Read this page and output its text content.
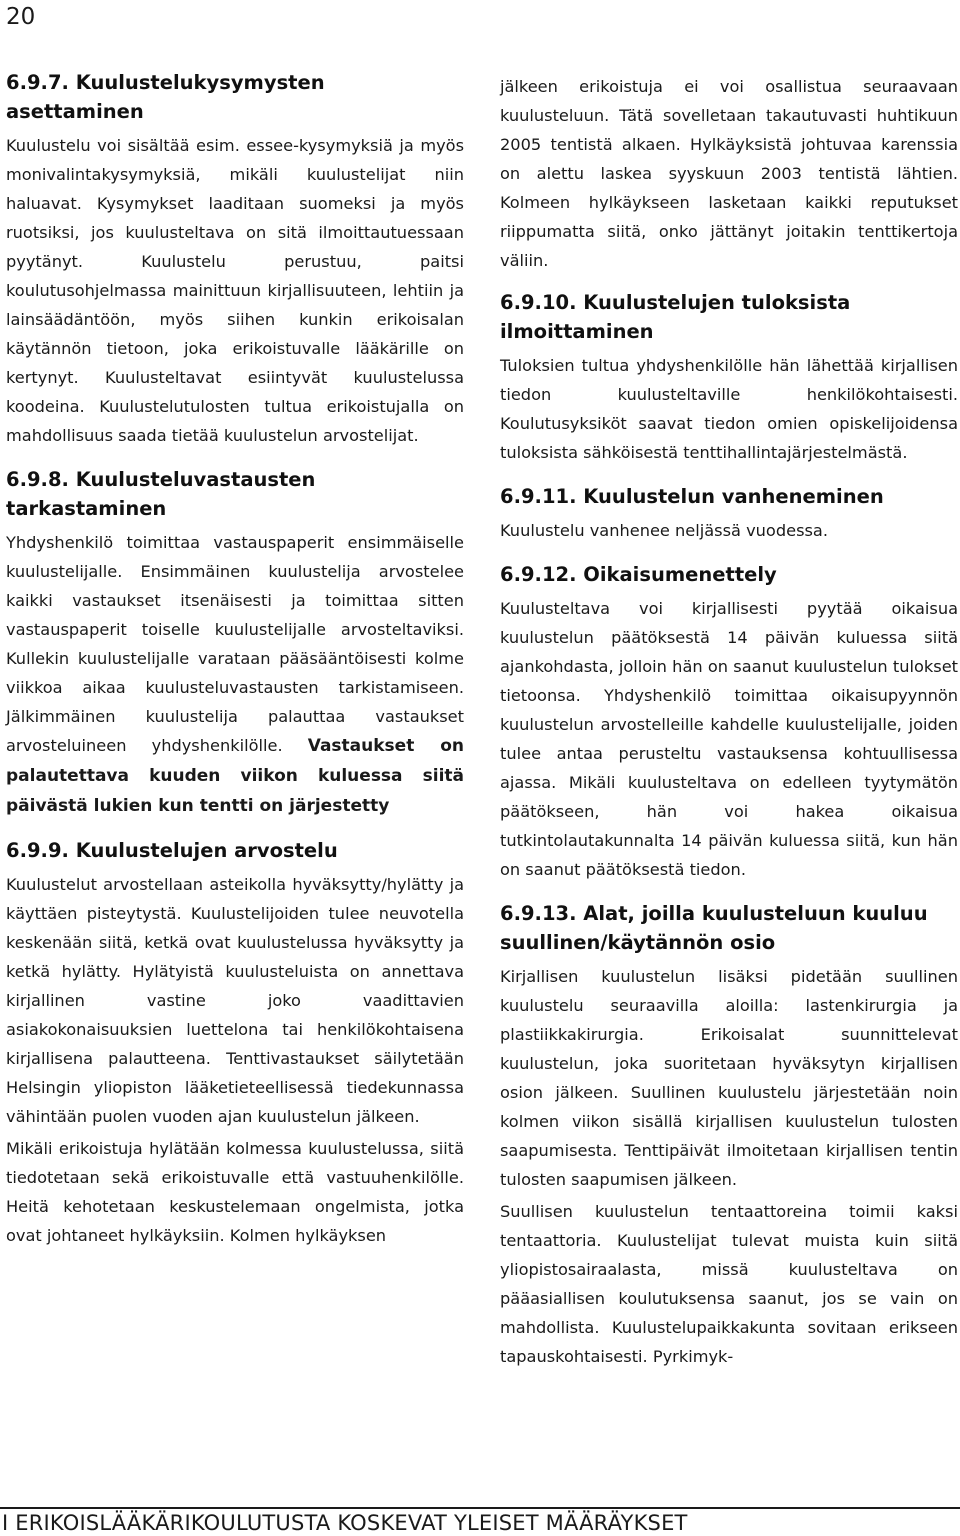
20
6.9.7. Kuulustelukysymysten asettaminen

Kuulustelu voi sisältää esim. essee-kysymyksiä ja myös monivalintakysymyksiä, mikäli kuulustelijat niin haluavat. Kysymykset laaditaan suomeksi ja myös ruotsiksi, jos kuulusteltava on sitä ilmoittautuessaan pyytänyt. Kuulustelu perustuu, paitsi koulutusohjelmassa mainittuun kirjallisuuteen, lehtiin ja lainsäädäntöön, myös siihen kunkin erikoisalan käytännön tietoon, joka erikoistuvalle lääkärille on kertynyt. Kuulusteltavat esiintyvät kuulustelussa koodeina. Kuulustelutulosten tultua erikoistujalla on mahdollisuus saada tietää kuulustelun arvostelijat.

6.9.8. Kuulusteluvastausten tarkastaminen

Yhdyshenkilö toimittaa vastauspaperit ensimmäiselle kuulustelijalle. Ensimmäinen kuulustelija arvostelee kaikki vastaukset itsenäisesti ja toimittaa sitten vastauspaperit toiselle kuulustelijalle arvosteltaviksi. Kullekin kuulustelijalle varataan pääsääntöisesti kolme viikkoa aikaa kuulusteluvastausten tarkistamiseen. Jälkimmäinen kuulustelija palauttaa vastaukset arvosteluineen yhdyshenkilölle. Vastaukset on palautettava kuuden viikon kuluessa siitä päivästä lukien kun tentti on järjestetty

6.9.9. Kuulustelujen arvostelu

Kuulustelut arvostellaan asteikolla hyväksytty/hylätty ja käyttäen pisteytystä. Kuulustelijoiden tulee neuvotella keskenään siitä, ketkä ovat kuulustelussa hyväksytty ja ketkä hylätty. Hylätyistä kuulusteluista on annettava kirjallinen vastine joko vaadittavien asiakokonaisuuksien luettelona tai henkilökohtaisena kirjallisena palautteena. Tenttivastaukset säilytetään Helsingin yliopiston lääketieteellisessä tiedekunnassa vähintään puolen vuoden ajan kuulustelun jälkeen.

Mikäli erikoistuja hylätään kolmessa kuulustelussa, siitä tiedotetaan sekä erikoistuvalle että vastuuhenkilölle. Heitä kehotetaan keskustelemaan ongelmista, jotka ovat johtaneet hylkäyksiin. Kolmen hylkäyksen

jälkeen erikoistuja ei voi osallistua seuraavaan kuulusteluun. Tätä sovelletaan takautuvasti huhtikuun 2005 tentistä alkaen. Hylkäyksistä johtuvaa karenssia on alettu laskea syyskuun 2003 tentistä lähtien. Kolmeen hylkäykseen lasketaan kaikki reputukset riippumatta siitä, onko jättänyt joitakin tenttikertoja väliin.

6.9.10. Kuulustelujen tuloksista ilmoittaminen

Tuloksien tultua yhdyshenkilölle hän lähettää kirjallisen tiedon kuulusteltaville henkilökohtaisesti. Koulutusyksiköt saavat tiedon omien opiskelijoidensa tuloksista sähköisestä tenttihallintajärjestelmästä.

6.9.11. Kuulustelun vanheneminen

Kuulustelu vanhenee neljässä vuodessa.

6.9.12. Oikaisumenettely

Kuulusteltava voi kirjallisesti pyytää oikaisua kuulustelun päätöksestä 14 päivän kuluessa siitä ajankohdasta, jolloin hän on saanut kuulustelun tulokset tietoonsa. Yhdyshenkilö toimittaa oikaisupyynnön kuulustelun arvostelleille kahdelle kuulustelijalle, joiden tulee antaa perusteltu vastauksensa kohtuullisessa ajassa. Mikäli kuulusteltava on edelleen tyytymätön päätökseen, hän voi hakea oikaisua tutkintolautakunnalta 14 päivän kuluessa siitä, kun hän on saanut päätöksestä tiedon.

6.9.13. Alat, joilla kuulusteluun kuuluu suullinen/käytännön osio

Kirjallisen kuulustelun lisäksi pidetään suullinen kuulustelu seuraavilla aloilla: lastenkirurgia ja plastiikkakirurgia. Erikoisalat suunnittelevat kuulustelun, joka suoritetaan hyväksytyn kirjallisen osion jälkeen. Suullinen kuulustelu järjestetään noin kolmen viikon sisällä kirjallisen kuulustelun tulosten saapumisesta. Tenttipäivät ilmoitetaan kirjallisen tentin tulosten saapumisen jälkeen.

Suullisen kuulustelun tentaattoreina toimii kaksi tentaattoria. Kuulustelijat tulevat muista kuin siitä yliopistosairaalasta, missä kuulusteltava on pääasiallisen koulutuksensa saanut, jos se vain on mahdollista. Kuulustelupaikkakunta sovitaan erikseen tapauskohtaisesti. Pyrkimyk-

I ERIKOISLÄÄKÄRIKOULUTUSTA KOSKEVAT YLEISET MÄÄRÄYKSET
